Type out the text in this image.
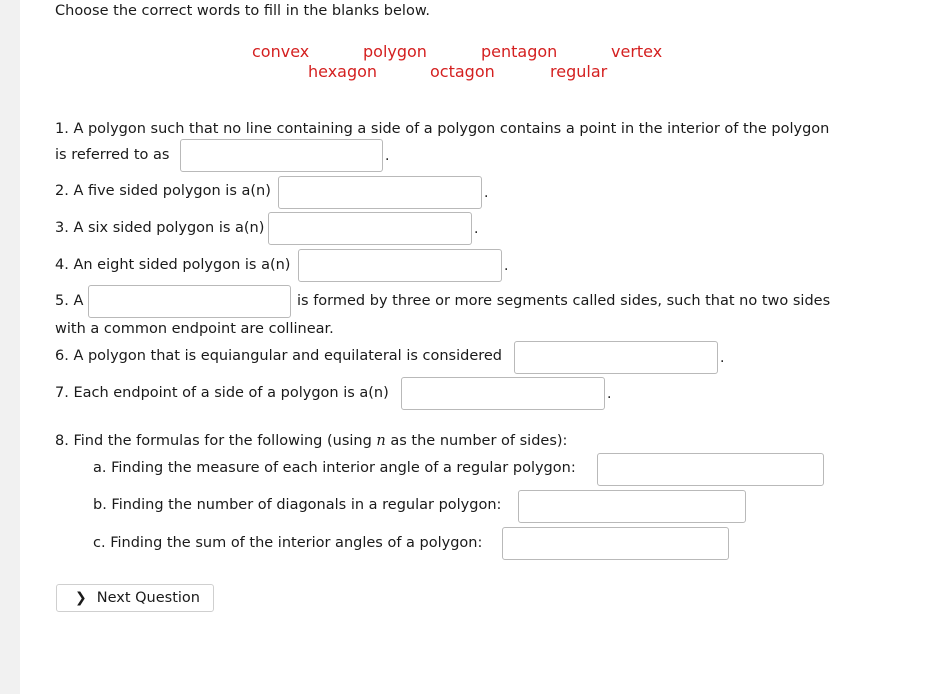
Choose the correct words to fill in the blanks below.
convex	polygon	pentagon	vertex
hexagon	octagon	regular
1. A polygon such that no line containing a side of a polygon contains a point in the interior of the polygon
is referred to as	.
2. A five sided polygon is a(n)	.
3. A six sided polygon is a(n)	.
4. An eight sided polygon is a(n)	.
5. A	is formed by three or more segments called sides, such that no two sides
with a common endpoint are collinear.
6. A polygon that is equiangular and equilateral is considered	.
7. Each endpoint of a side of a polygon is a(n)	.
8. Find the formulas for the following (using n as the number of sides):
a. Finding the measure of each interior angle of a regular polygon:
b. Finding the number of diagonals in a regular polygon:
c. Finding the sum of the interior angles of a polygon:
❯ Next Question
